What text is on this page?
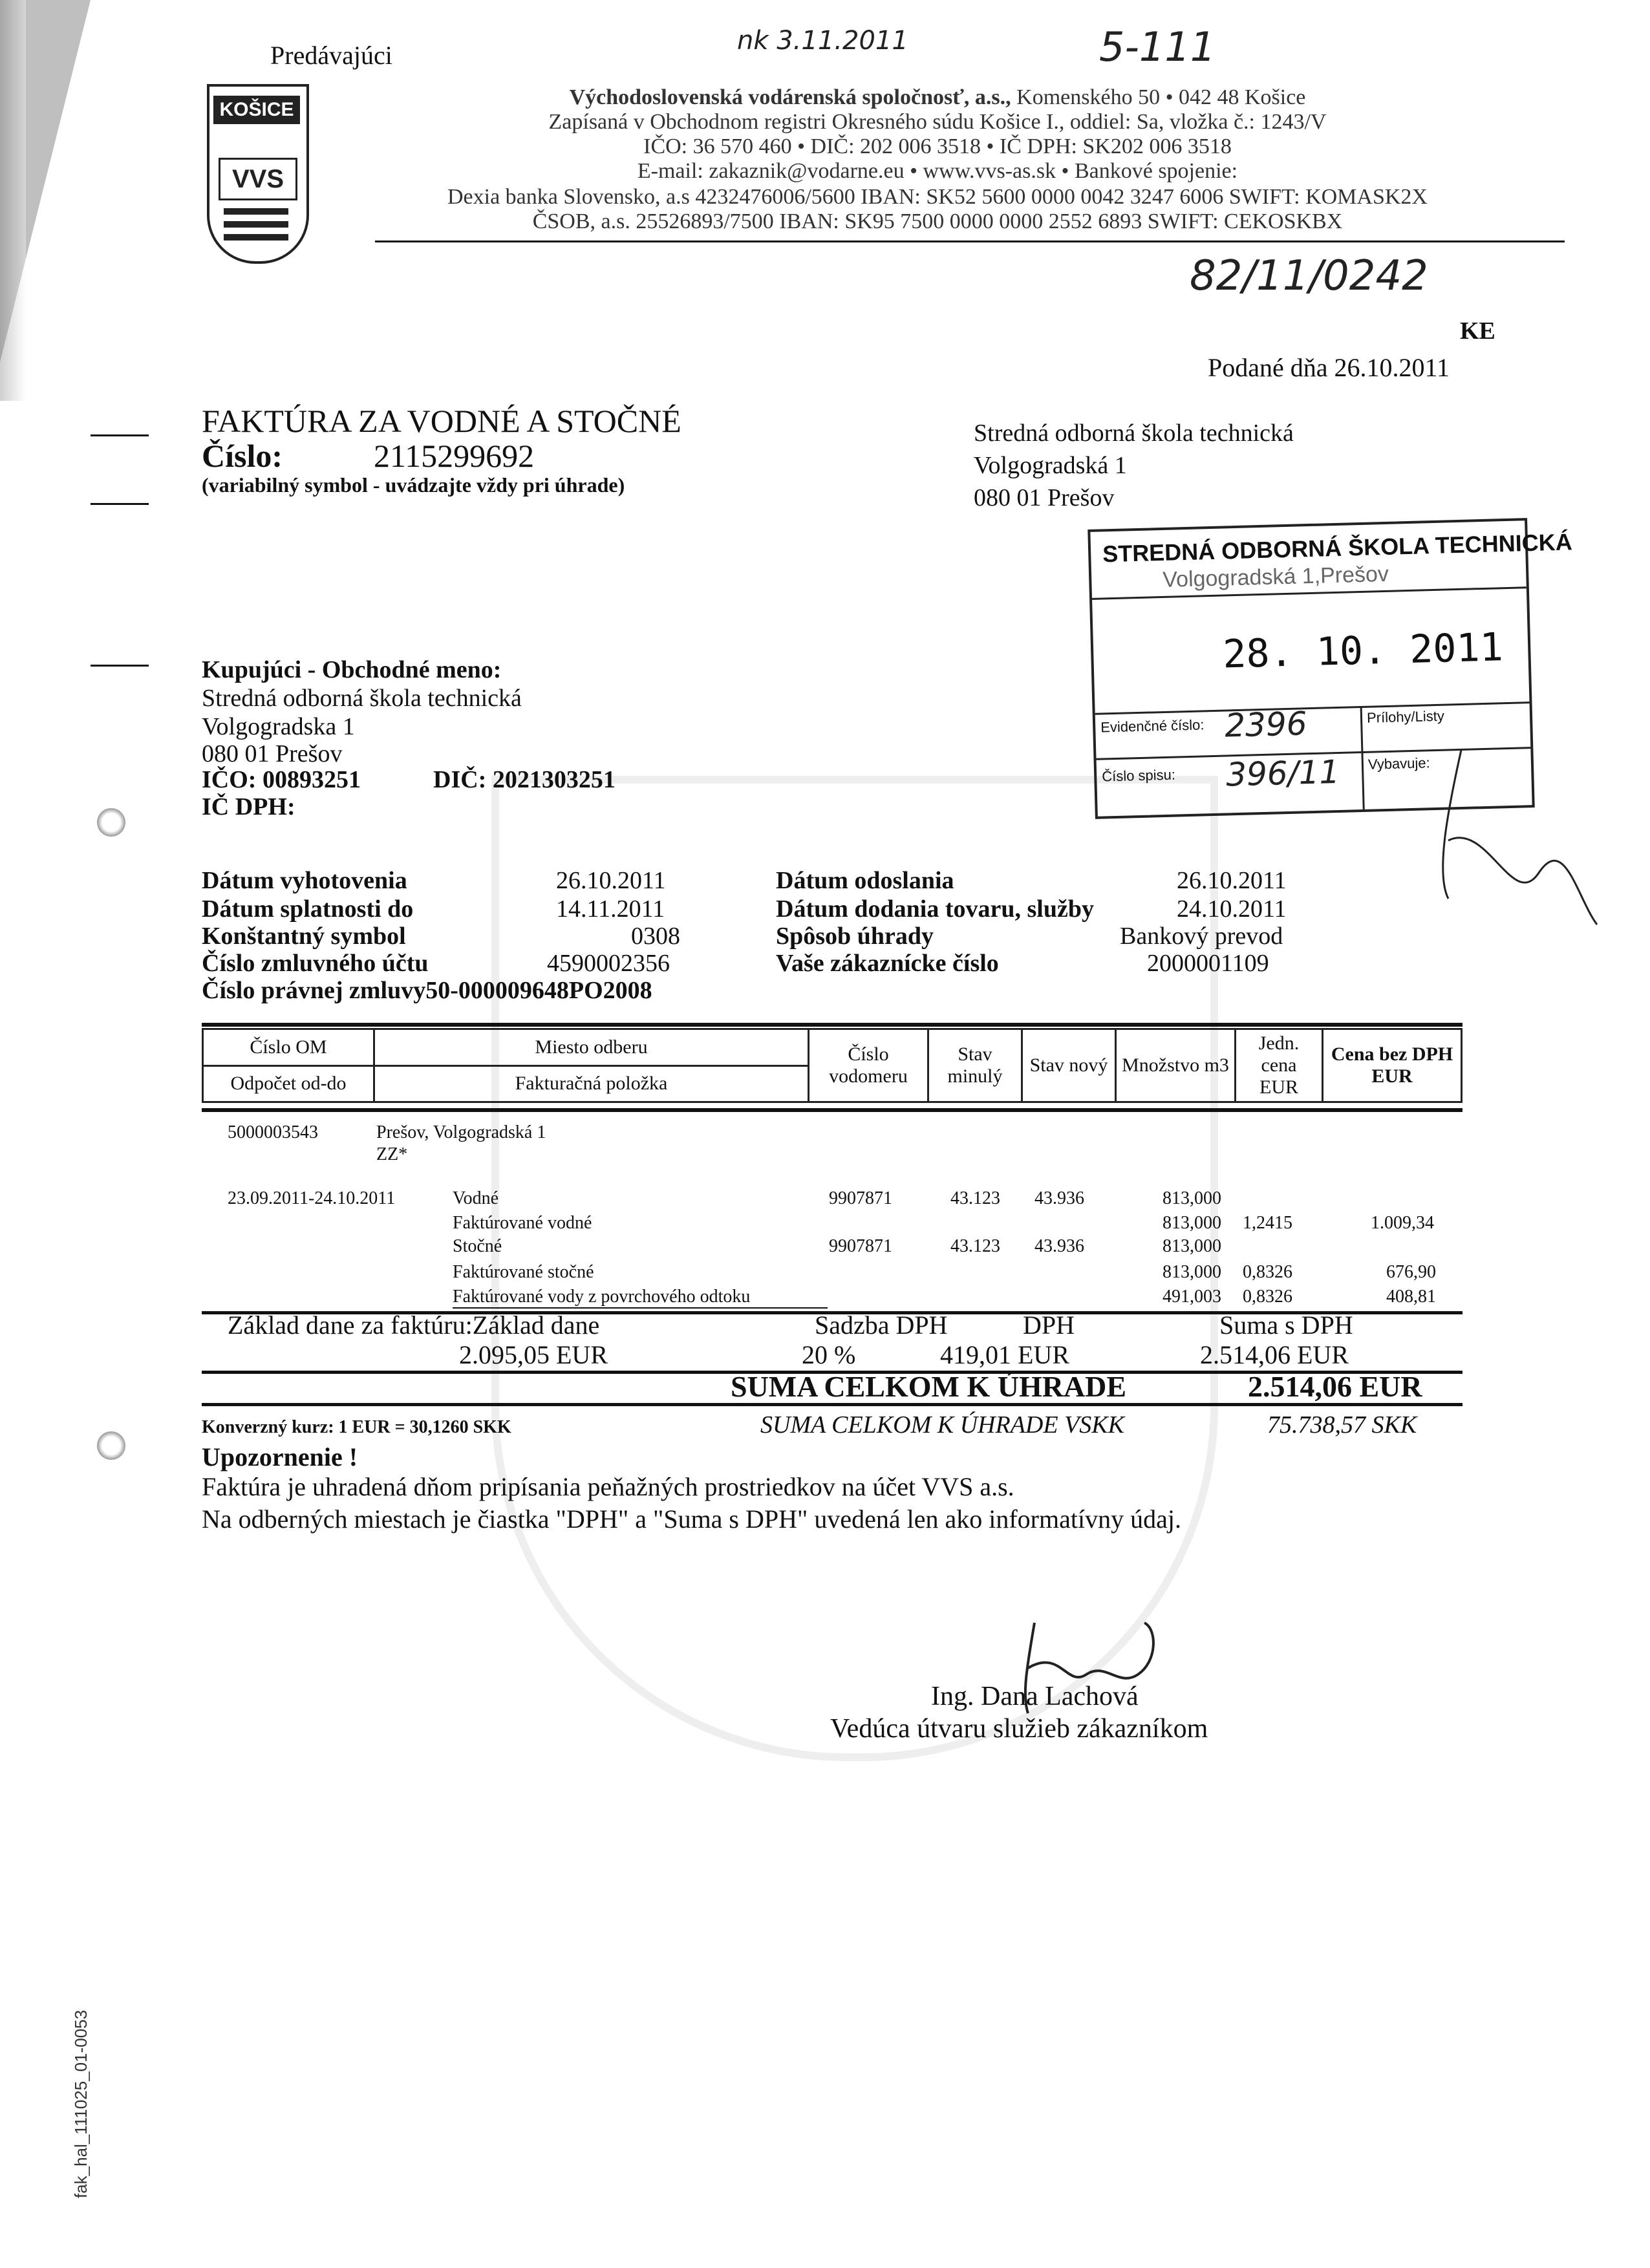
nk 3.11.2011	5-111
82/11/0242
Predávajúci
KOŠICE
VVS
Východoslovenská vodárenská spoločnosť, a.s., Komenského 50 • 042 48 Košice
Zapísaná v Obchodnom registri Okresného súdu Košice I., oddiel: Sa, vložka č.: 1243/V
IČO: 36 570 460 • DIČ: 202 006 3518 • IČ DPH: SK202 006 3518
E-mail: zakaznik@vodarne.eu • www.vvs-as.sk • Bankové spojenie:
Dexia banka Slovensko, a.s 4232476006/5600 IBAN: SK52 5600 0000 0042 3247 6006 SWIFT: KOMASK2X
ČSOB, a.s. 25526893/7500 IBAN: SK95 7500 0000 0000 2552 6893 SWIFT: CEKOSKBX
KE
Podané dňa 26.10.2011
FAKTÚRA ZA VODNÉ A STOČNÉ
Číslo:	2115299692
(variabilný symbol - uvádzajte vždy pri úhrade)
Stredná odborná škola technická
Volgogradská 1
080 01 Prešov
STREDNÁ ODBORNÁ ŠKOLA TECHNICKÁ
Volgogradská 1,Prešov
28. 10. 2011
Evidenčné číslo: 2396	Prílohy/Listy
Číslo spisu: 396/11 Vybavuje:
Kupujúci - Obchodné meno:
Stredná odborná škola technická
Volgogradska 1
080 01 Prešov
IČO: 00893251	DIČ: 2021303251
IČ DPH:
Dátum vyhotovenia	26.10.2011
Dátum splatnosti do	14.11.2011
Konštantný symbol	0308
Číslo zmluvného účtu	4590002356
Číslo právnej zmluvy50-000009648PO2008
Dátum odoslania	26.10.2011
Dátum dodania tovaru, služby	24.10.2011
Spôsob úhrady	Bankový prevod
Vaše zákaznícke číslo	2000001109
Číslo OM	Miesto odberu	Číslo vodomeru	Stav minulý	Stav nový	Množstvo m3	Jedn. cena EUR	Cena bez DPH EUR
Odpočet od-do	Fakturačná položka						
5000003543	Prešov, Volgogradská 1
ZZ*
23.09.2011-24.10.2011	Vodné	9907871	43.123 43.936	813,000
Faktúrované vodné	813,000 1,2415	1.009,34
Stočné	9907871	43.123 43.936	813,000
Faktúrované stočné	813,000 0,8326	676,90
Faktúrované vody z povrchového odtoku	491,003 0,8326	408,81
Základ dane za faktúru:Základ dane	Sadzba DPH	DPH	Suma s DPH
2.095,05 EUR	20 %	419,01 EUR	2.514,06 EUR
SUMA CELKOM K ÚHRADE	2.514,06 EUR
Konverzný kurz: 1 EUR = 30,1260 SKK	SUMA CELKOM K ÚHRADE VSKK	75.738,57 SKK
Upozornenie !
Faktúra je uhradená dňom pripísania peňažných prostriedkov na účet VVS a.s.
Na odberných miestach je čiastka "DPH" a "Suma s DPH" uvedená len ako informatívny údaj.
Ing. Dana Lachová
Vedúca útvaru služieb zákazníkom
fak_hal_111025_01-0053
